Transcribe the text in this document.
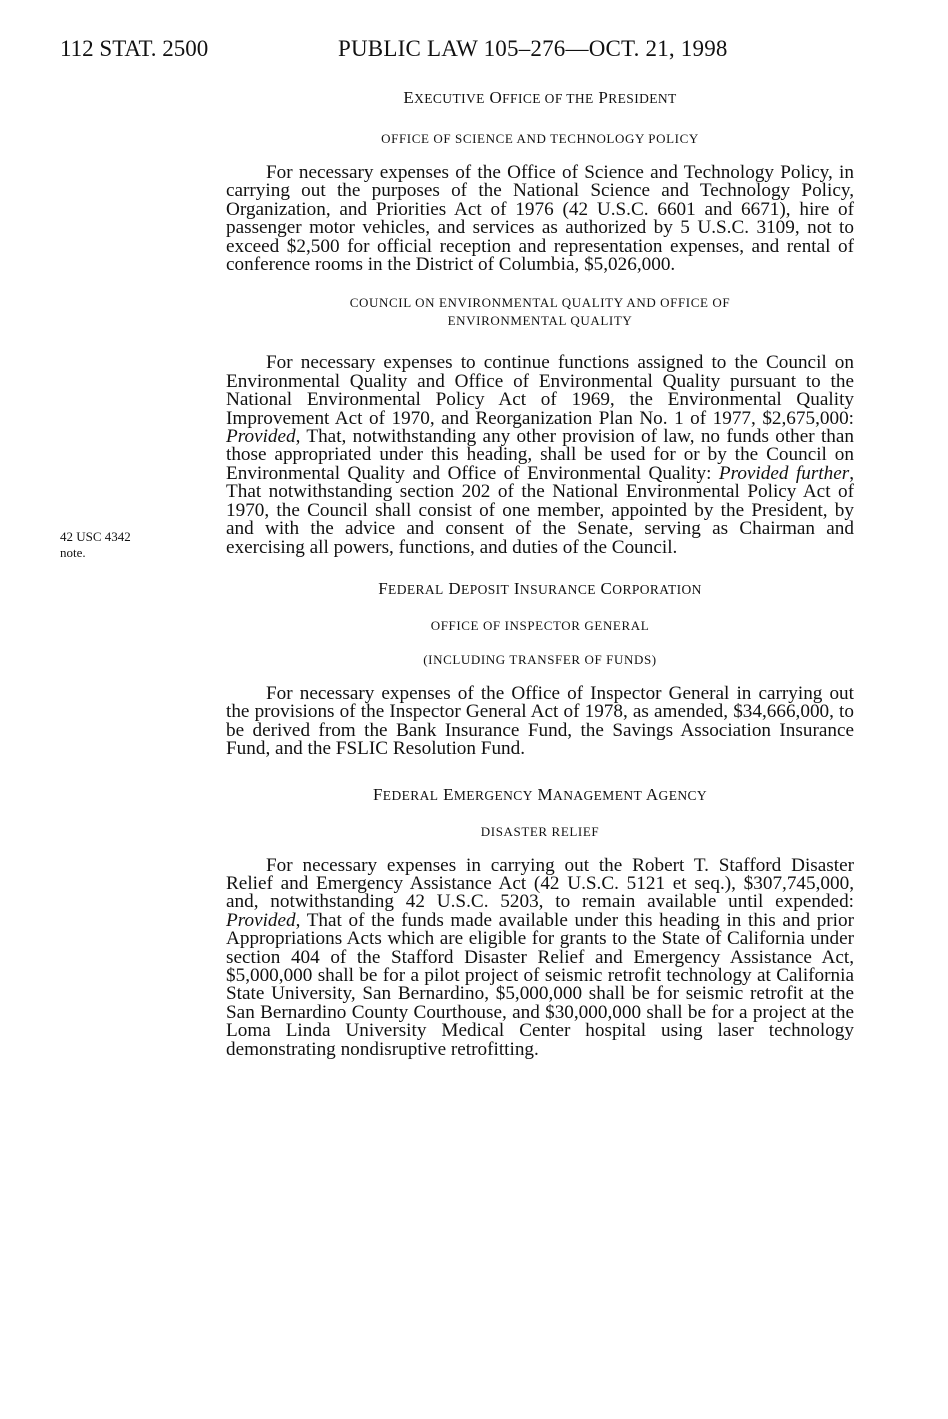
112 STAT. 2500	PUBLIC LAW 105–276—OCT. 21, 1998
42 USC 4342
note.
EXECUTIVE OFFICE OF THE PRESIDENT
OFFICE OF SCIENCE AND TECHNOLOGY POLICY

For necessary expenses of the Office of Science and Technology Policy, in carrying out the purposes of the National Science and Technology Policy, Organization, and Priorities Act of 1976 (42 U.S.C. 6601 and 6671), hire of passenger motor vehicles, and services as authorized by 5 U.S.C. 3109, not to exceed $2,500 for official reception and representation expenses, and rental of conference rooms in the District of Columbia, $5,026,000.

COUNCIL ON ENVIRONMENTAL QUALITY AND OFFICE OF
ENVIRONMENTAL QUALITY

For necessary expenses to continue functions assigned to the Council on Environmental Quality and Office of Environmental Quality pursuant to the National Environmental Policy Act of 1969, the Environmental Quality Improvement Act of 1970, and Reorganization Plan No. 1 of 1977, $2,675,000: Provided, That, notwithstanding any other provision of law, no funds other than those appropriated under this heading, shall be used for or by the Council on Environmental Quality and Office of Environmental Quality: Provided further, That notwithstanding section 202 of the National Environmental Policy Act of 1970, the Council shall consist of one member, appointed by the President, by and with the advice and consent of the Senate, serving as Chairman and exercising all powers, functions, and duties of the Council.

FEDERAL DEPOSIT INSURANCE CORPORATION
OFFICE OF INSPECTOR GENERAL
(INCLUDING TRANSFER OF FUNDS)

For necessary expenses of the Office of Inspector General in carrying out the provisions of the Inspector General Act of 1978, as amended, $34,666,000, to be derived from the Bank Insurance Fund, the Savings Association Insurance Fund, and the FSLIC Resolution Fund.

FEDERAL EMERGENCY MANAGEMENT AGENCY
DISASTER RELIEF

For necessary expenses in carrying out the Robert T. Stafford Disaster Relief and Emergency Assistance Act (42 U.S.C. 5121 et seq.), $307,745,000, and, notwithstanding 42 U.S.C. 5203, to remain available until expended: Provided, That of the funds made available under this heading in this and prior Appropriations Acts which are eligible for grants to the State of California under section 404 of the Stafford Disaster Relief and Emergency Assistance Act, $5,000,000 shall be for a pilot project of seismic retrofit technology at California State University, San Bernardino, $5,000,000 shall be for seismic retrofit at the San Bernardino County Courthouse, and $30,000,000 shall be for a project at the Loma Linda University Medical Center hospital using laser technology demonstrating nondisruptive retrofitting.
